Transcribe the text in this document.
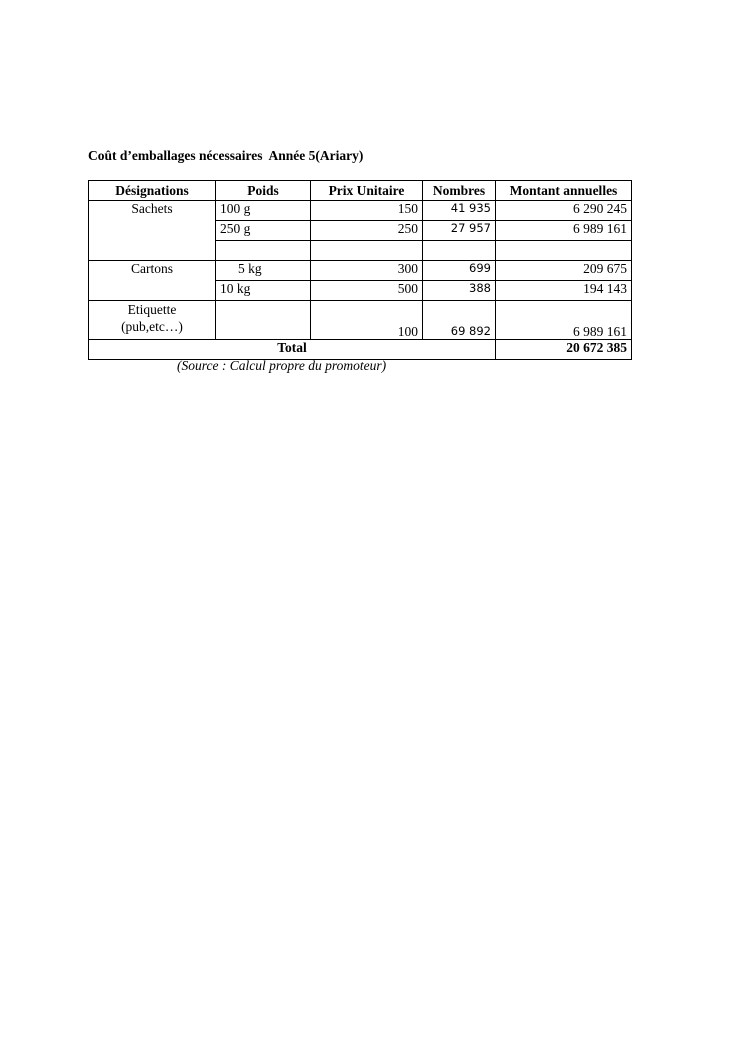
Coût d’emballages nécessaires  Année 5(Ariary)
Désignations	Poids	Prix Unitaire	Nombres	Montant annuelles
Sachets	100 g	150	41 935	6 290 245
	250 g	250	27 957	6 989 161

Cartons	5 kg	300	699	209 675
	10 kg	500	388	194 143
Etiquette
(pub,etc…)		100	69 892	6 989 161
Total				20 672 385
(Source : Calcul propre du promoteur)
